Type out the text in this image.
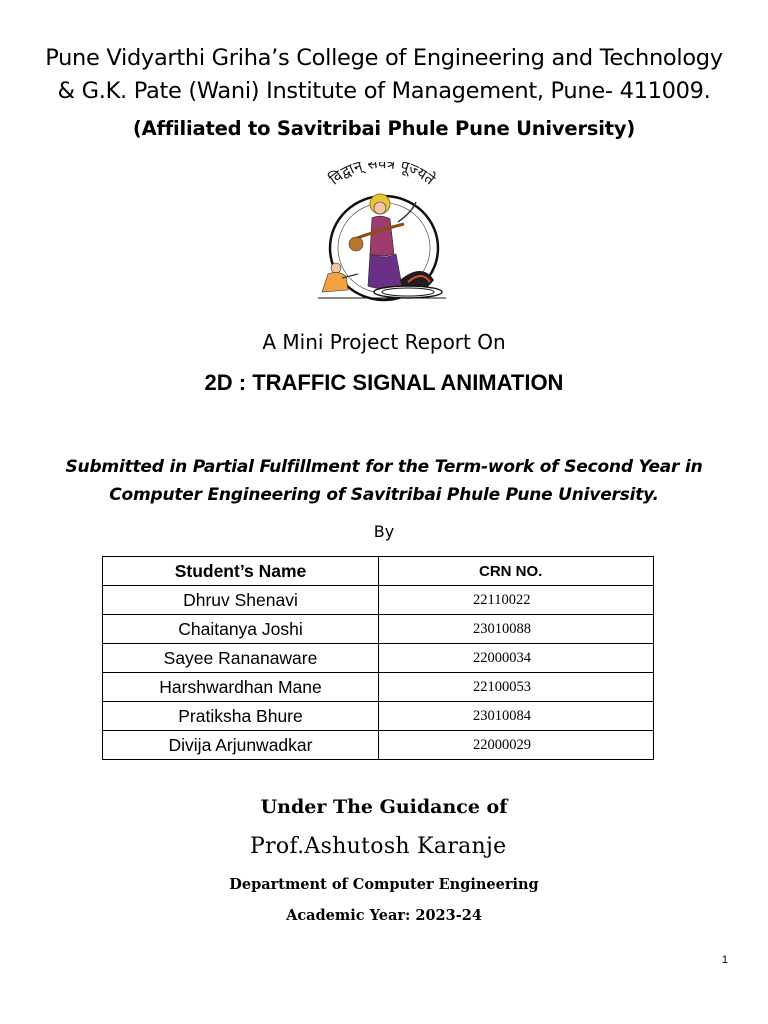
Pune Vidyarthi Griha’s College of Engineering and Technology
& G.K. Pate (Wani) Institute of Management, Pune- 411009.
(Affiliated to Savitribai Phule Pune University)
विद्वान् सर्वत्र पूज्यते
A Mini Project Report On
2D : TRAFFIC SIGNAL ANIMATION
Submitted in Partial Fulfillment for the Term-work of Second Year in
Computer Engineering of Savitribai Phule Pune University.
By
Student’s Name	CRN NO.
Dhruv Shenavi	22110022
Chaitanya Joshi	23010088
Sayee Rananaware	22000034
Harshwardhan Mane	22100053
Pratiksha Bhure	23010084
Divija Arjunwadkar	22000029
Under The Guidance of
Prof.Ashutosh Karanje
Department of Computer Engineering
Academic Year: 2023-24
1
